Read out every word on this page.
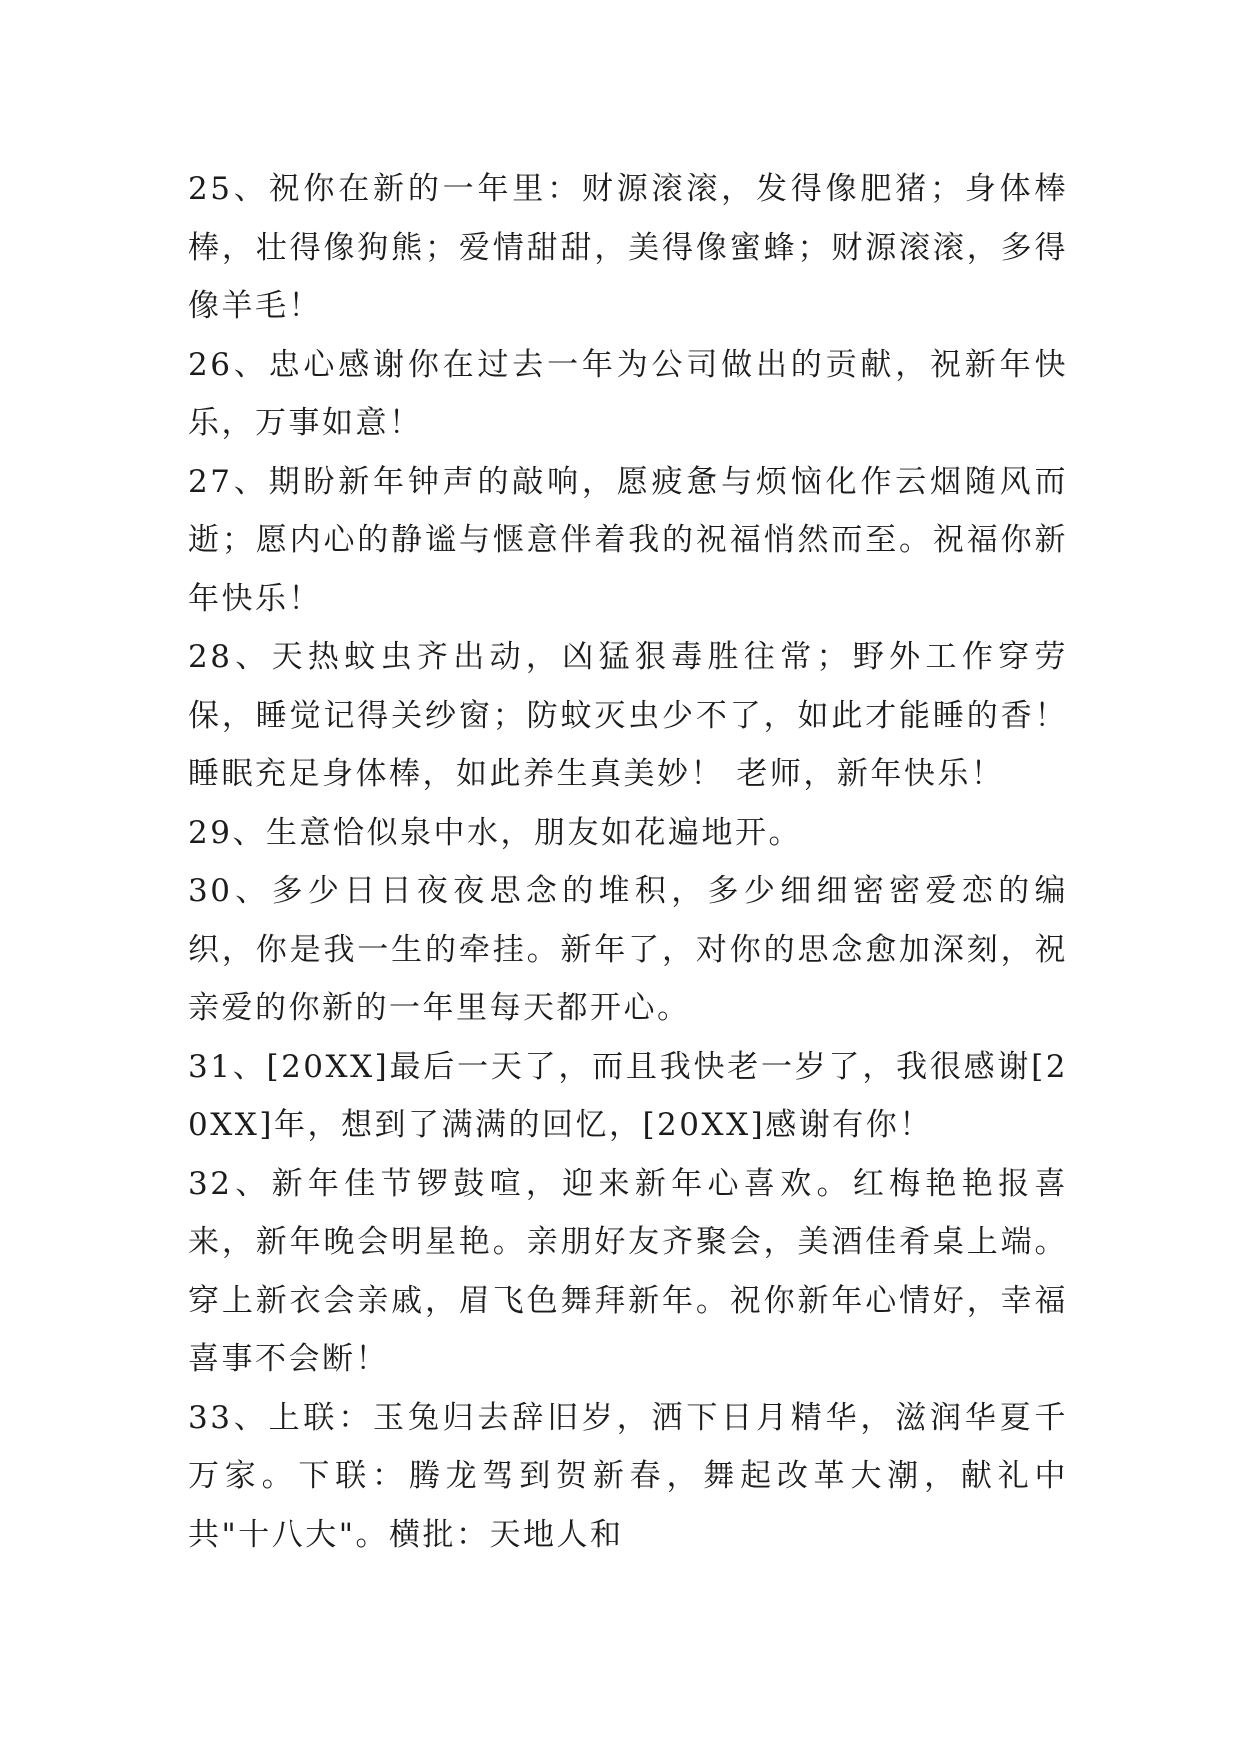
25、祝你在新的一年里：财源滚滚，发得像肥猪；身体棒棒，壮得像狗熊；爱情甜甜，美得像蜜蜂；财源滚滚，多得像羊毛！

26、忠心感谢你在过去一年为公司做出的贡献，祝新年快乐，万事如意！

27、期盼新年钟声的敲响，愿疲惫与烦恼化作云烟随风而逝；愿内心的静谧与惬意伴着我的祝福悄然而至。祝福你新年快乐！

28、天热蚊虫齐出动，凶猛狠毒胜往常；野外工作穿劳保，睡觉记得关纱窗；防蚊灭虫少不了，如此才能睡的香！睡眠充足身体棒，如此养生真美妙！ 老师，新年快乐！

29、生意恰似泉中水，朋友如花遍地开。

30、多少日日夜夜思念的堆积，多少细细密密爱恋的编织，你是我一生的牵挂。新年了，对你的思念愈加深刻，祝亲爱的你新的一年里每天都开心。

31、[20XX]最后一天了，而且我快老一岁了，我很感谢[20XX]年，想到了满满的回忆，[20XX]感谢有你！

32、新年佳节锣鼓喧，迎来新年心喜欢。红梅艳艳报喜来，新年晚会明星艳。亲朋好友齐聚会，美酒佳肴桌上端。穿上新衣会亲戚，眉飞色舞拜新年。祝你新年心情好，幸福喜事不会断！

33、上联：玉兔归去辞旧岁，洒下日月精华，滋润华夏千万家。下联：腾龙驾到贺新春，舞起改革大潮，献礼中共"十八大"。横批：天地人和
